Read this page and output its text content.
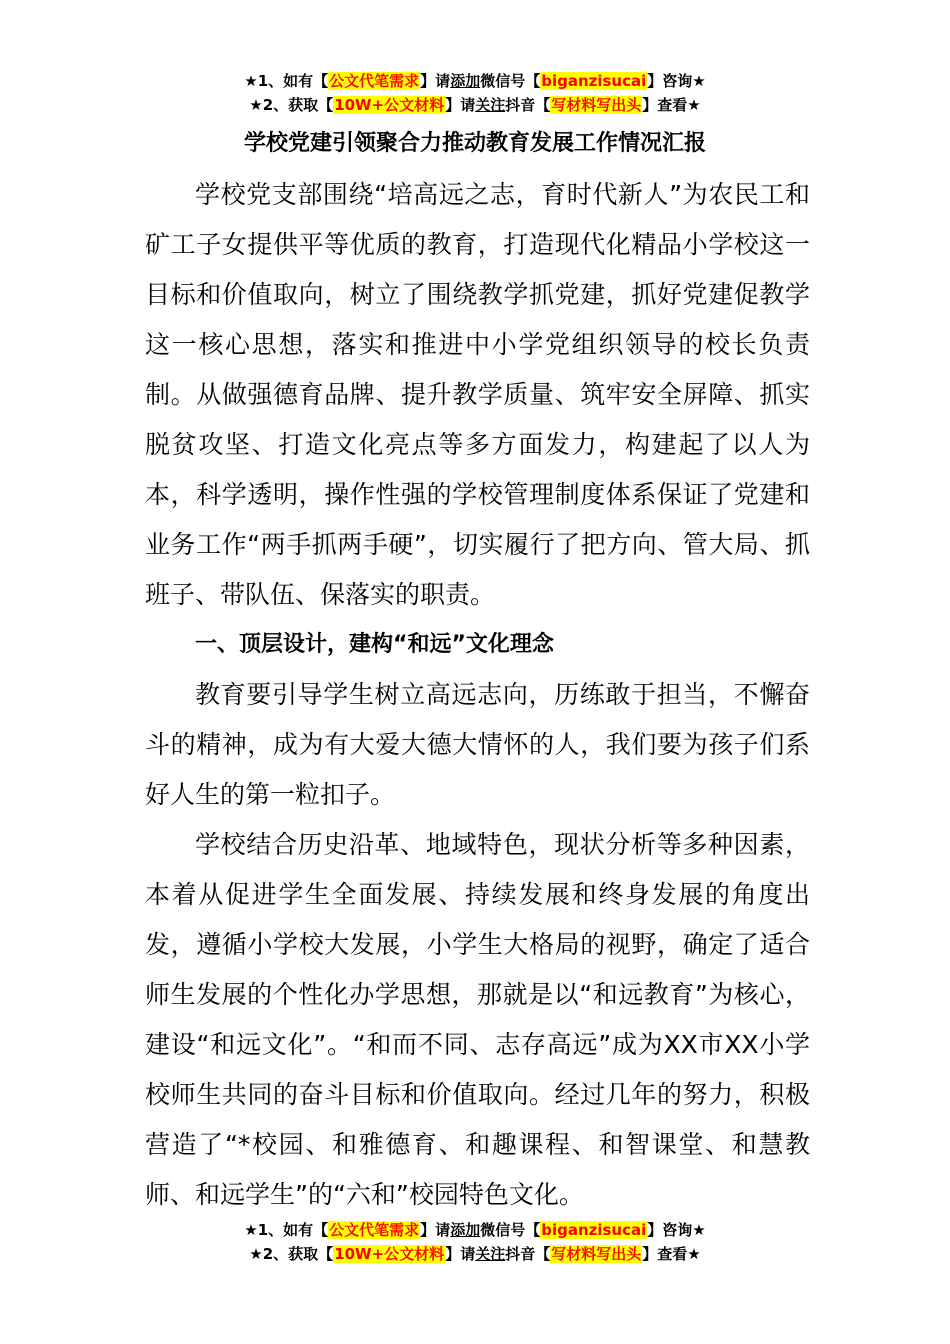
★1、如有【公文代笔需求】请添加微信号【biganzisucai】咨询★
★2、获取【10W+公文材料】请关注抖音【写材料写出头】查看★
学校党建引领聚合力推动教育发展工作情况汇报

学校党支部围绕“培高远之志，育时代新人”为农民工和矿工子女提供平等优质的教育，打造现代化精品小学校这一目标和价值取向，树立了围绕教学抓党建，抓好党建促教学这一核心思想，落实和推进中小学党组织领导的校长负责制。从做强德育品牌、提升教学质量、筑牢安全屏障、抓实脱贫攻坚、打造文化亮点等多方面发力，构建起了以人为本，科学透明，操作性强的学校管理制度体系保证了党建和业务工作“两手抓两手硬”，切实履行了把方向、管大局、抓班子、带队伍、保落实的职责。

一、顶层设计，建构“和远”文化理念

教育要引导学生树立高远志向，历练敢于担当，不懈奋斗的精神，成为有大爱大德大情怀的人，我们要为孩子们系好人生的第一粒扣子。

学校结合历史沿革、地域特色，现状分析等多种因素，本着从促进学生全面发展、持续发展和终身发展的角度出发，遵循小学校大发展，小学生大格局的视野，确定了适合师生发展的个性化办学思想，那就是以“和远教育”为核心，建设“和远文化”。“和而不同、志存高远”成为XX市XX小学校师生共同的奋斗目标和价值取向。经过几年的努力，积极营造了“*校园、和雅德育、和趣课程、和智课堂、和慧教师、和远学生”的“六和”校园特色文化。

★1、如有【公文代笔需求】请添加微信号【biganzisucai】咨询★
★2、获取【10W+公文材料】请关注抖音【写材料写出头】查看★
